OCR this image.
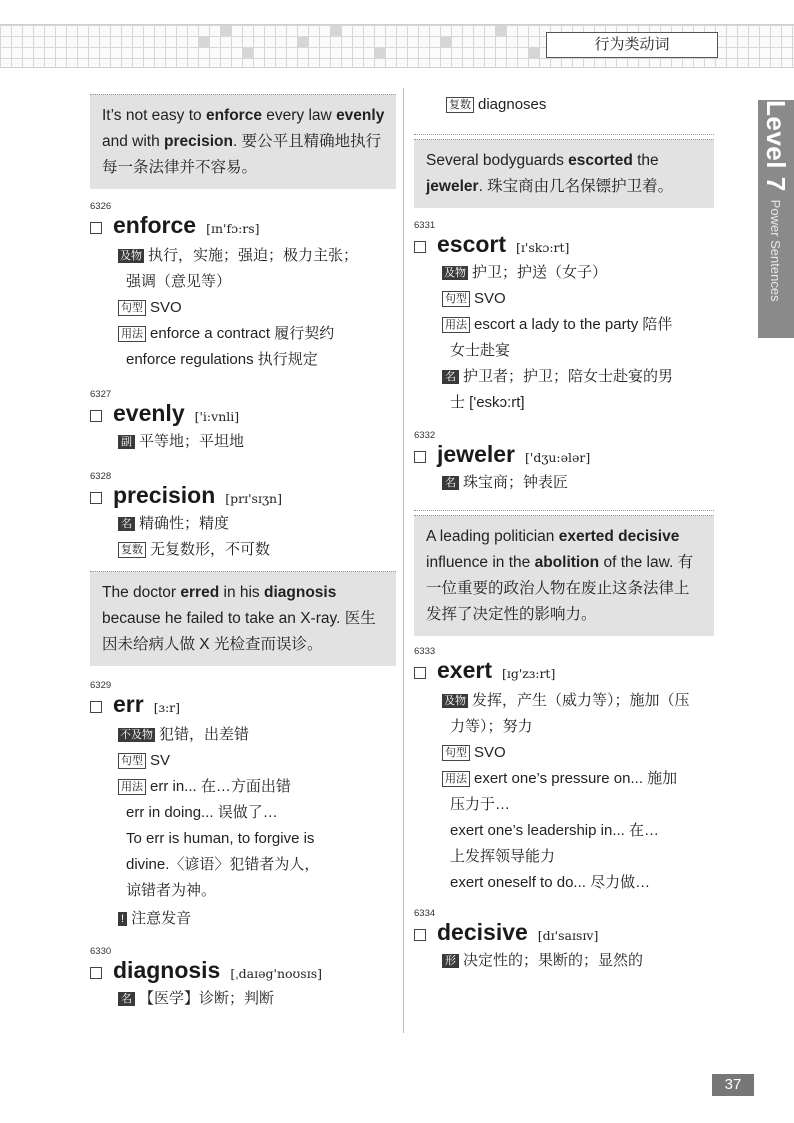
行为类动词
Level 7
Power Sentences
It’s not easy to enforce every law evenly and with precision. 要公平且精确地执行每一条法律并不容易。
6326
enforce [ɪn'fɔ:rs]
及物 执行，实施；强迫；极力主张；
强调（意见等）
句型 SVO
用法 enforce a contract 履行契约
enforce regulations 执行规定
6327
evenly ['i:vnli]
副 平等地；平坦地
6328
precision [prɪ'sɪʒn]
名 精确性；精度
复数 无复数形，不可数
The doctor erred in his diagnosis because he failed to take an X-ray. 医生因未给病人做 X 光检查而误诊。
6329
err [ɜ:r]
不及物 犯错，出差错
句型 SV
用法 err in... 在…方面出错
err in doing... 误做了…
To err is human, to forgive is
divine.〈谚语〉犯错者为人，
谅错者为神。
! 注意发音
6330
diagnosis [ˌdaɪəg'noʊsɪs]
名 【医学】诊断；判断
复数 diagnoses
Several bodyguards escorted the jeweler. 珠宝商由几名保镖护卫着。
6331
escort [ɪ'skɔ:rt]
及物 护卫；护送（女子）
句型 SVO
用法 escort a lady to the party 陪伴
女士赴宴
名 护卫者；护卫；陪女士赴宴的男
士 ['eskɔ:rt]
6332
jeweler ['dʒu:ələr]
名 珠宝商；钟表匠
A leading politician exerted decisive influence in the abolition of the law. 有一位重要的政治人物在废止这条法律上发挥了决定性的影响力。
6333
exert [ɪg'zɜ:rt]
及物 发挥，产生（威力等）；施加（压
力等）；努力
句型 SVO
用法 exert one’s pressure on... 施加
压力于…
exert one’s leadership in... 在…
上发挥领导能力
exert oneself to do... 尽力做…
6334
decisive [dɪ'saɪsɪv]
形 决定性的；果断的；显然的
37
